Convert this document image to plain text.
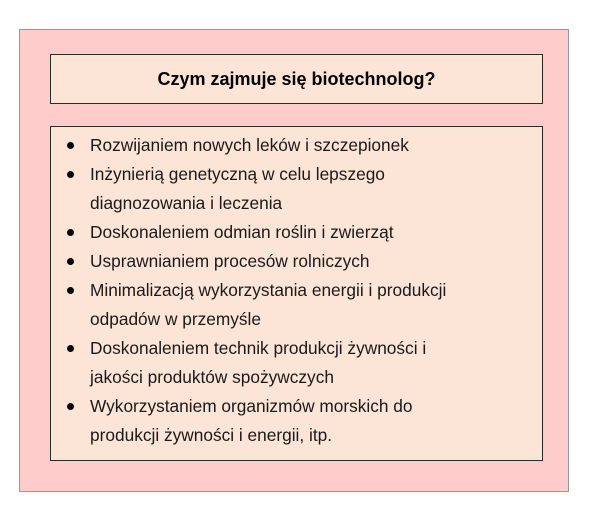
Czym zajmuje się biotechnolog?
Rozwijaniem nowych leków i szczepionek
Inżynierią genetyczną w celu lepszego
diagnozowania i leczenia
Doskonaleniem odmian roślin i zwierząt
Usprawnianiem procesów rolniczych
Minimalizacją wykorzystania energii i produkcji
odpadów w przemyśle
Doskonaleniem technik produkcji żywności i
jakości produktów spożywczych
Wykorzystaniem organizmów morskich do
produkcji żywności i energii, itp.
